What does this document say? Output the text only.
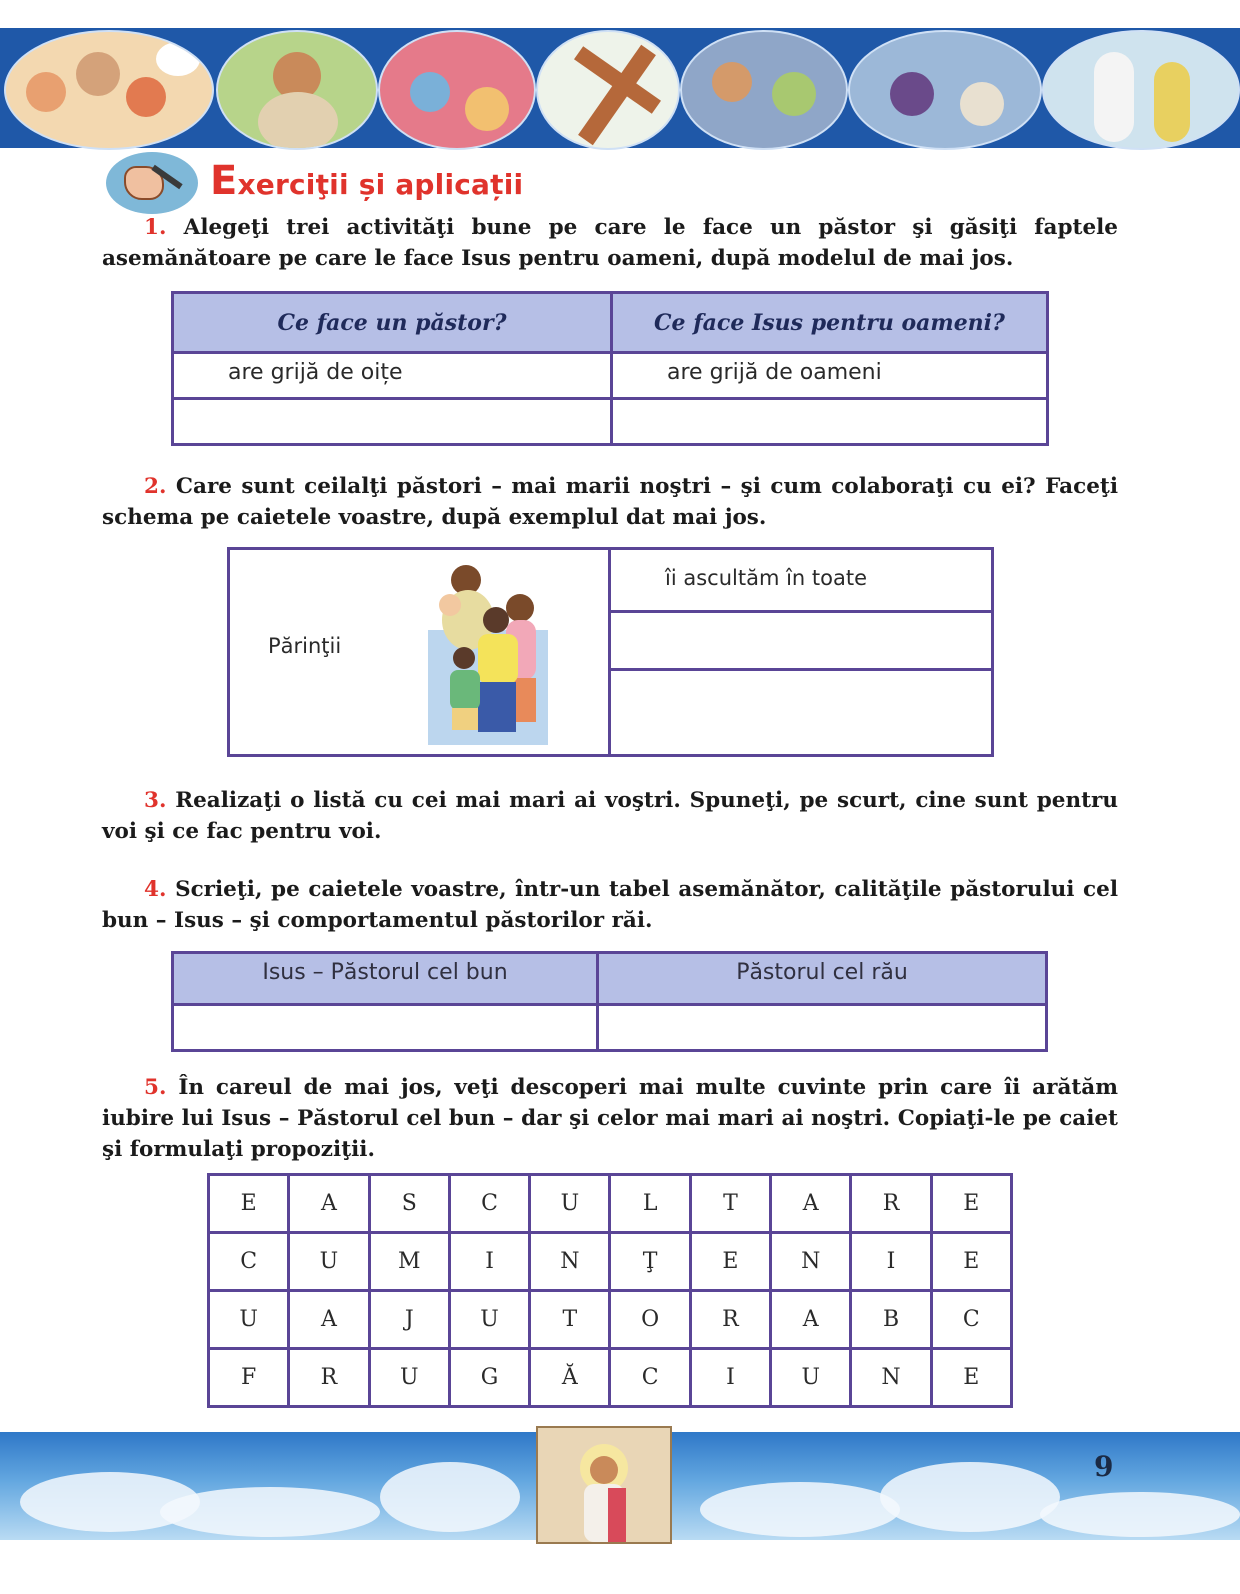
Exerciţii și aplicații
1. Alegeţi trei activităţi bune pe care le face un păstor şi găsiţi faptele asemănătoare pe care le face Isus pentru oameni, după modelul de mai jos.
Ce face un păstor?	Ce face Isus pentru oameni?
are grijă de oițe	are grijă de oameni

2. Care sunt ceilalţi păstori – mai marii noştri – şi cum colaboraţi cu ei? Faceţi schema pe caietele voastre, după exemplul dat mai jos.
Părinţii
	îi ascultăm în toate

3. Realizaţi o listă cu cei mai mari ai voştri. Spuneţi, pe scurt, cine sunt pentru voi şi ce fac pentru voi.
4. Scrieţi, pe caietele voastre, într-un tabel asemănător, calităţile păstorului cel bun – Isus – şi comportamentul păstorilor răi.
Isus – Păstorul cel bun	Păstorul cel rău

5. În careul de mai jos, veţi descoperi mai multe cuvinte prin care îi arătăm iubire lui Isus – Păstorul cel bun – dar şi celor mai mari ai noştri. Copiaţi-le pe caiet şi formulaţi propoziţii.
E	A	S	C	U	L	T	A	R	E
C	U	M	I	N	Ţ	E	N	I	E
U	A	J	U	T	O	R	A	B	C
F	R	U	G	Ă	C	I	U	N	E
9
